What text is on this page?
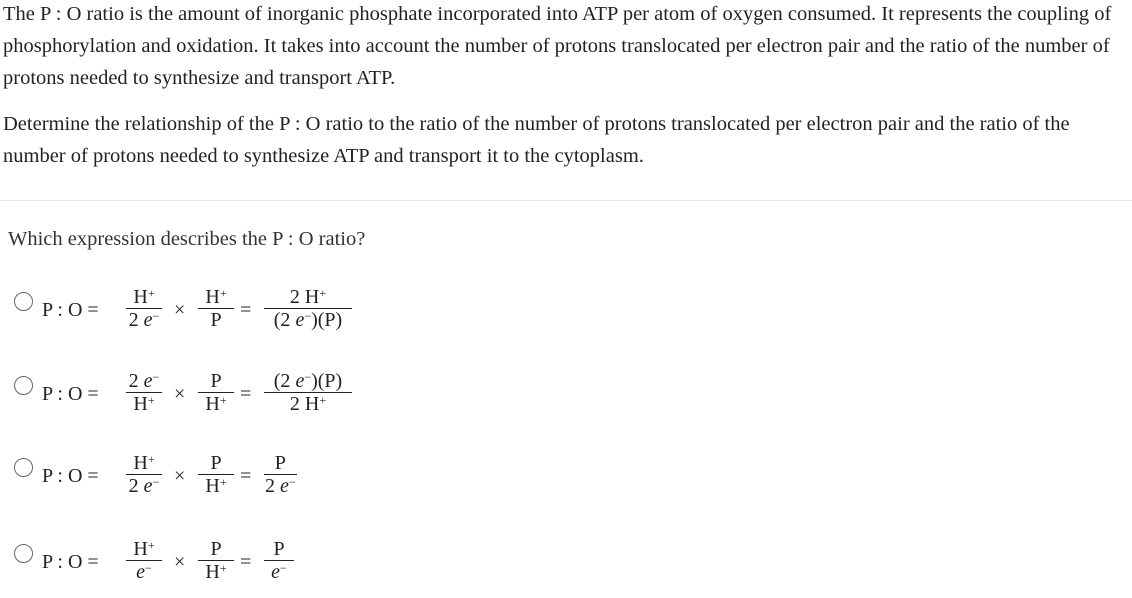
The P : O ratio is the amount of inorganic phosphate incorporated into ATP per atom of oxygen consumed. It represents the coupling of phosphorylation and oxidation. It takes into account the number of protons translocated per electron pair and the ratio of the number of protons needed to synthesize and transport ATP.

Determine the relationship of the P : O ratio to the ratio of the number of protons translocated per electron pair and the ratio of the number of protons needed to synthesize ATP and transport it to the cytoplasm.

Which expression describes the P : O ratio?
P : $O = \frac{H^+}{2 e^-} \frac{H^+}{P} \frac{2 H^+}{(2 e^-)(P)}$
×	=
P : $O = \frac{2 e^-}{H^+} \frac{P}{H^+} \frac{(2 e^-)(P)}{2 H^+}$
×	=
P : $O = \frac{H^+}{2 e^-} \frac{P}{H^+} \frac{P}{2 e^-}$
×	=
P : $O = \frac{H^+}{e^-} \frac{P}{H^+} \frac{P}{e^-}$
×	=
